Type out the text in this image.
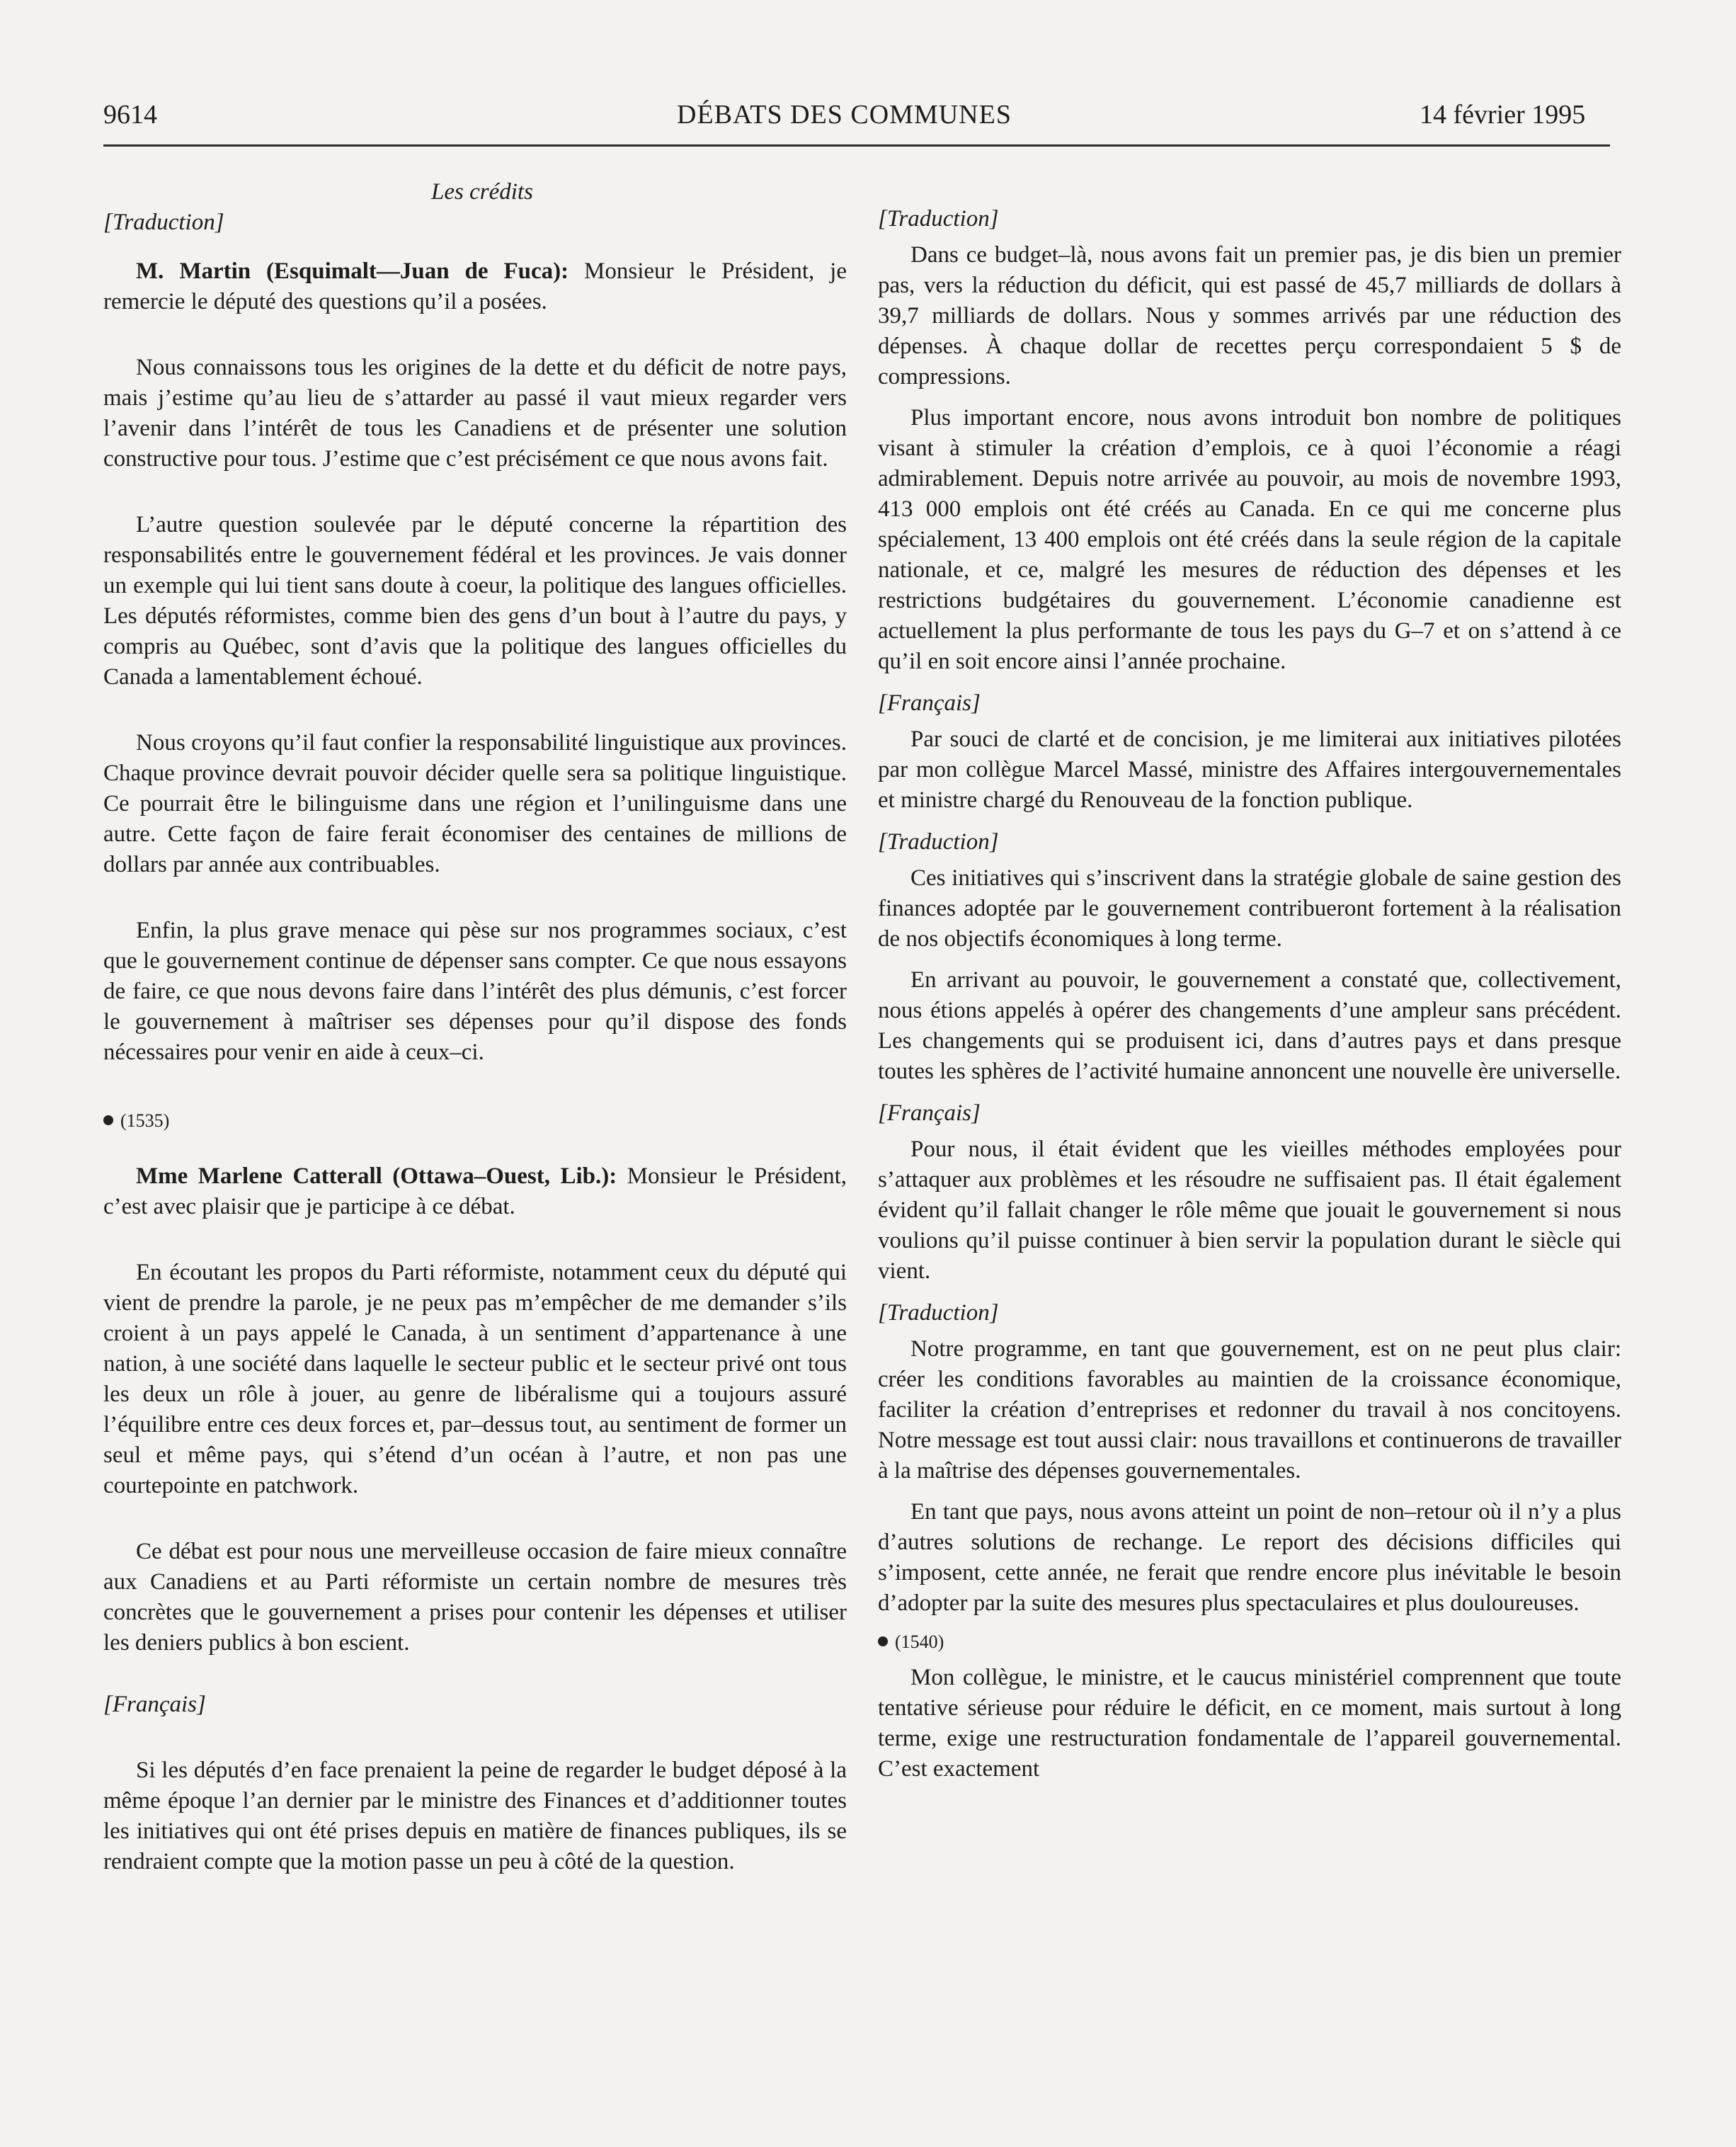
9614	DÉBATS DES COMMUNES	14 février 1995

Les crédits

[Traduction]

M. Martin (Esquimalt—Juan de Fuca): Monsieur le Président, je remercie le député des questions qu’il a posées.

Nous connaissons tous les origines de la dette et du déficit de notre pays, mais j’estime qu’au lieu de s’attarder au passé il vaut mieux regarder vers l’avenir dans l’intérêt de tous les Canadiens et de présenter une solution constructive pour tous. J’estime que c’est précisément ce que nous avons fait.

L’autre question soulevée par le député concerne la répartition des responsabilités entre le gouvernement fédéral et les provinces. Je vais donner un exemple qui lui tient sans doute à coeur, la politique des langues officielles. Les députés réformistes, comme bien des gens d’un bout à l’autre du pays, y compris au Québec, sont d’avis que la politique des langues officielles du Canada a lamentablement échoué.

Nous croyons qu’il faut confier la responsabilité linguistique aux provinces. Chaque province devrait pouvoir décider quelle sera sa politique linguistique. Ce pourrait être le bilinguisme dans une région et l’unilinguisme dans une autre. Cette façon de faire ferait économiser des centaines de millions de dollars par année aux contribuables.

Enfin, la plus grave menace qui pèse sur nos programmes sociaux, c’est que le gouvernement continue de dépenser sans compter. Ce que nous essayons de faire, ce que nous devons faire dans l’intérêt des plus démunis, c’est forcer le gouvernement à maîtriser ses dépenses pour qu’il dispose des fonds nécessaires pour venir en aide à ceux–ci.

(1535)

Mme Marlene Catterall (Ottawa–Ouest, Lib.): Monsieur le Président, c’est avec plaisir que je participe à ce débat.

En écoutant les propos du Parti réformiste, notamment ceux du député qui vient de prendre la parole, je ne peux pas m’empêcher de me demander s’ils croient à un pays appelé le Canada, à un sentiment d’appartenance à une nation, à une société dans laquelle le secteur public et le secteur privé ont tous les deux un rôle à jouer, au genre de libéralisme qui a toujours assuré l’équilibre entre ces deux forces et, par–dessus tout, au sentiment de former un seul et même pays, qui s’étend d’un océan à l’autre, et non pas une courtepointe en patchwork.

Ce débat est pour nous une merveilleuse occasion de faire mieux connaître aux Canadiens et au Parti réformiste un certain nombre de mesures très concrètes que le gouvernement a prises pour contenir les dépenses et utiliser les deniers publics à bon escient.

[Français]

Si les députés d’en face prenaient la peine de regarder le budget déposé à la même époque l’an dernier par le ministre des Finances et d’additionner toutes les initiatives qui ont été prises depuis en matière de finances publiques, ils se rendraient compte que la motion passe un peu à côté de la question.

[Traduction]

Dans ce budget–là, nous avons fait un premier pas, je dis bien un premier pas, vers la réduction du déficit, qui est passé de 45,7 milliards de dollars à 39,7 milliards de dollars. Nous y sommes arrivés par une réduction des dépenses. À chaque dollar de recettes perçu correspondaient 5 $ de compressions.

Plus important encore, nous avons introduit bon nombre de politiques visant à stimuler la création d’emplois, ce à quoi l’économie a réagi admirablement. Depuis notre arrivée au pouvoir, au mois de novembre 1993, 413 000 emplois ont été créés au Canada. En ce qui me concerne plus spécialement, 13 400 emplois ont été créés dans la seule région de la capitale nationale, et ce, malgré les mesures de réduction des dépenses et les restrictions budgétaires du gouvernement. L’économie canadienne est actuellement la plus performante de tous les pays du G–7 et on s’attend à ce qu’il en soit encore ainsi l’année prochaine.

[Français]

Par souci de clarté et de concision, je me limiterai aux initiatives pilotées par mon collègue Marcel Massé, ministre des Affaires intergouvernementales et ministre chargé du Renouveau de la fonction publique.

[Traduction]

Ces initiatives qui s’inscrivent dans la stratégie globale de saine gestion des finances adoptée par le gouvernement contribueront fortement à la réalisation de nos objectifs économiques à long terme.

En arrivant au pouvoir, le gouvernement a constaté que, collectivement, nous étions appelés à opérer des changements d’une ampleur sans précédent. Les changements qui se produisent ici, dans d’autres pays et dans presque toutes les sphères de l’activité humaine annoncent une nouvelle ère universelle.

[Français]

Pour nous, il était évident que les vieilles méthodes employées pour s’attaquer aux problèmes et les résoudre ne suffisaient pas. Il était également évident qu’il fallait changer le rôle même que jouait le gouvernement si nous voulions qu’il puisse continuer à bien servir la population durant le siècle qui vient.

[Traduction]

Notre programme, en tant que gouvernement, est on ne peut plus clair: créer les conditions favorables au maintien de la croissance économique, faciliter la création d’entreprises et redonner du travail à nos concitoyens. Notre message est tout aussi clair: nous travaillons et continuerons de travailler à la maîtrise des dépenses gouvernementales.

En tant que pays, nous avons atteint un point de non–retour où il n’y a plus d’autres solutions de rechange. Le report des décisions difficiles qui s’imposent, cette année, ne ferait que rendre encore plus inévitable le besoin d’adopter par la suite des mesures plus spectaculaires et plus douloureuses.

(1540)

Mon collègue, le ministre, et le caucus ministériel comprennent que toute tentative sérieuse pour réduire le déficit, en ce moment, mais surtout à long terme, exige une restructuration fondamentale de l’appareil gouvernemental. C’est exactement
